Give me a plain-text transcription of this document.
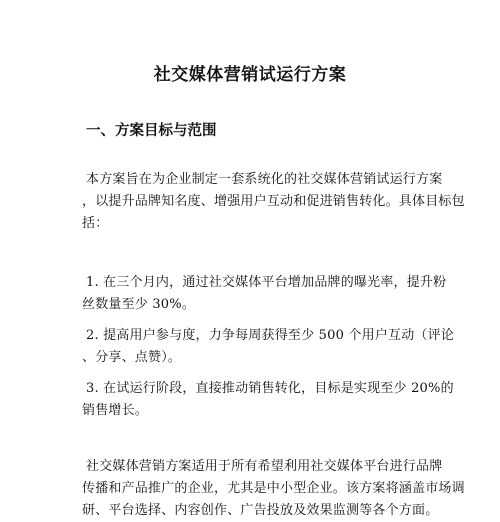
社交媒体营销试运行方案
一、方案目标与范围
本方案旨在为企业制定一套系统化的社交媒体营销试运行方案
，以提升品牌知名度、增强用户互动和促进销售转化。具体目标包
括：
1. 在三个月内，通过社交媒体平台增加品牌的曝光率，提升粉
丝数量至少 30%。
2. 提高用户参与度，力争每周获得至少 500 个用户互动（评论
、分享、点赞）。
3. 在试运行阶段，直接推动销售转化，目标是实现至少 20%的
销售增长。
社交媒体营销方案适用于所有希望利用社交媒体平台进行品牌
传播和产品推广的企业，尤其是中小型企业。该方案将涵盖市场调
研、平台选择、内容创作、广告投放及效果监测等各个方面。
